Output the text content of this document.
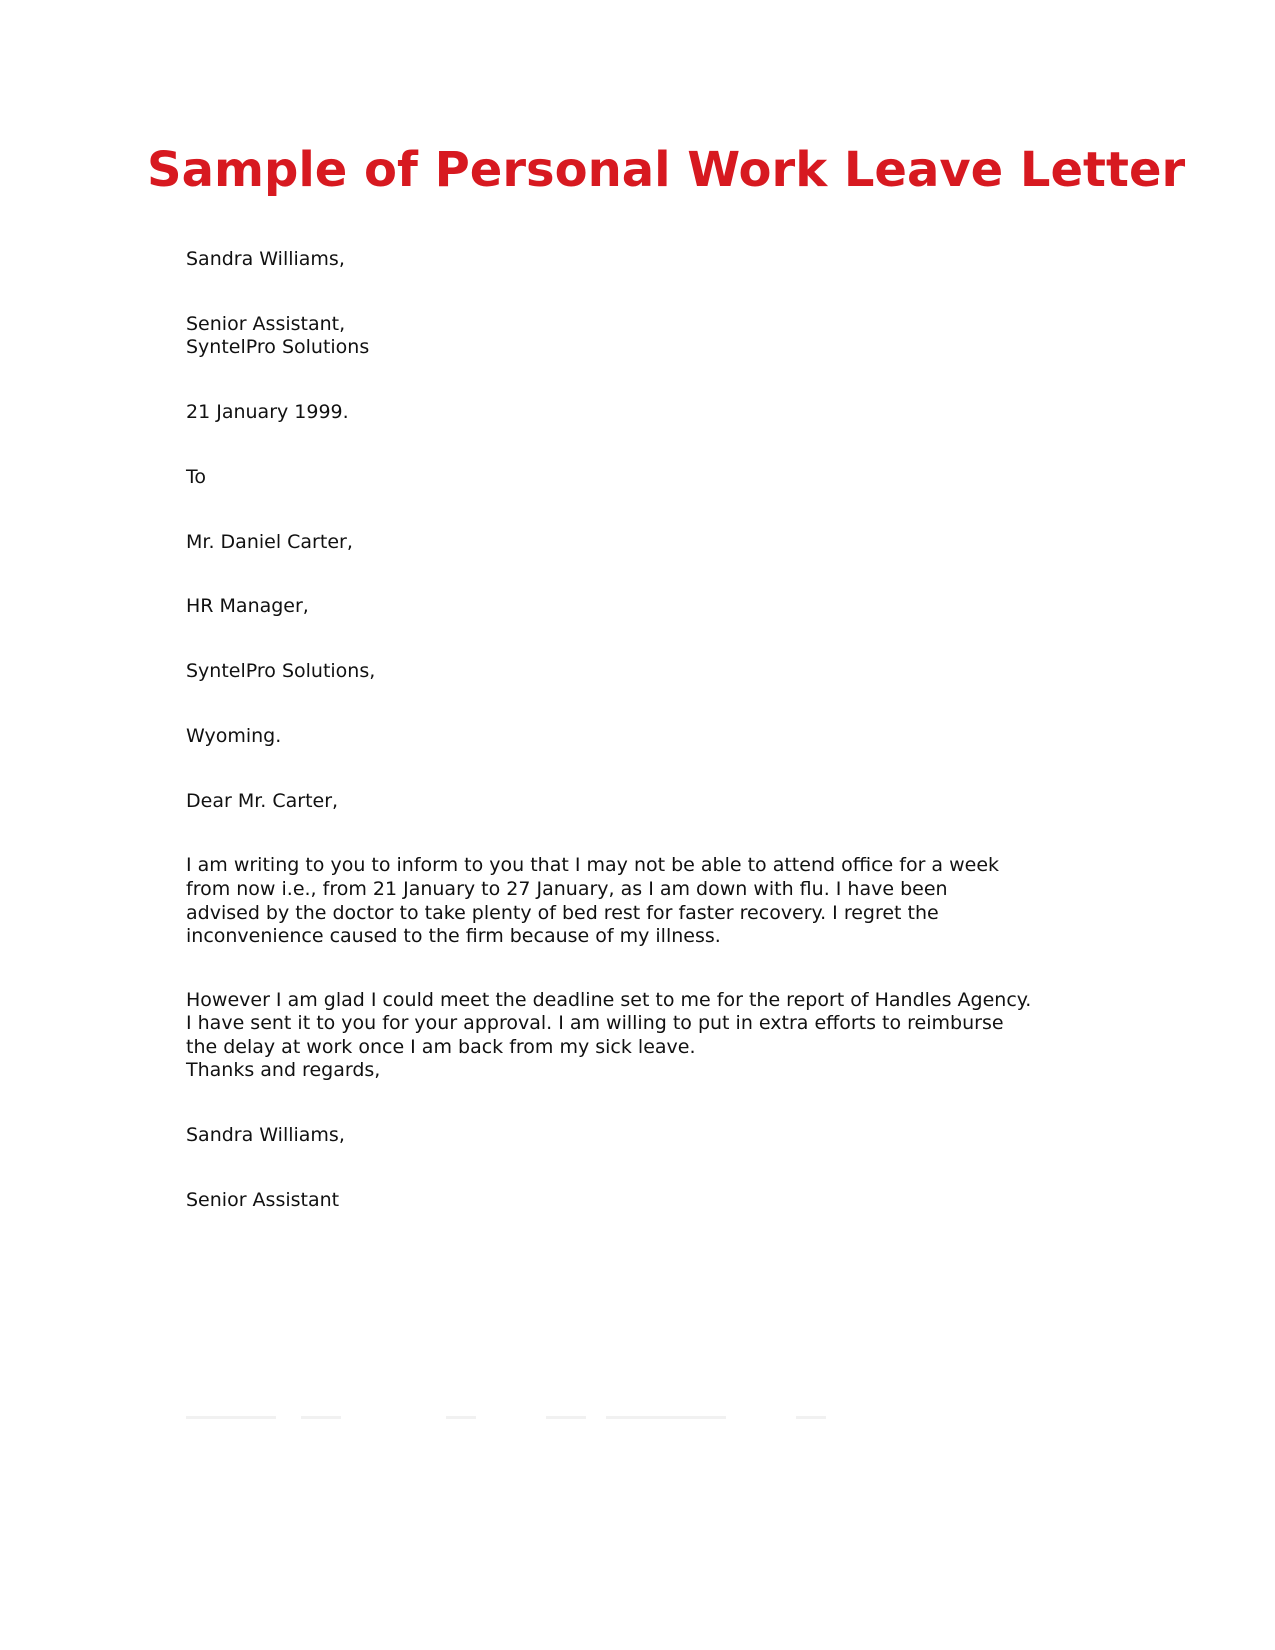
Sample of Personal Work Leave Letter

Sandra Williams,

Senior Assistant,

SyntelPro Solutions

21 January 1999.

To

Mr. Daniel Carter,

HR Manager,

SyntelPro Solutions,

Wyoming.

Dear Mr. Carter,

I am writing to you to inform to you that I may not be able to attend office for a week

from now i.e., from 21 January to 27 January, as I am down with flu. I have been

advised by the doctor to take plenty of bed rest for faster recovery. I regret the

inconvenience caused to the firm because of my illness.

However I am glad I could meet the deadline set to me for the report of Handles Agency.

I have sent it to you for your approval. I am willing to put in extra efforts to reimburse

the delay at work once I am back from my sick leave.

Thanks and regards,

Sandra Williams,

Senior Assistant
